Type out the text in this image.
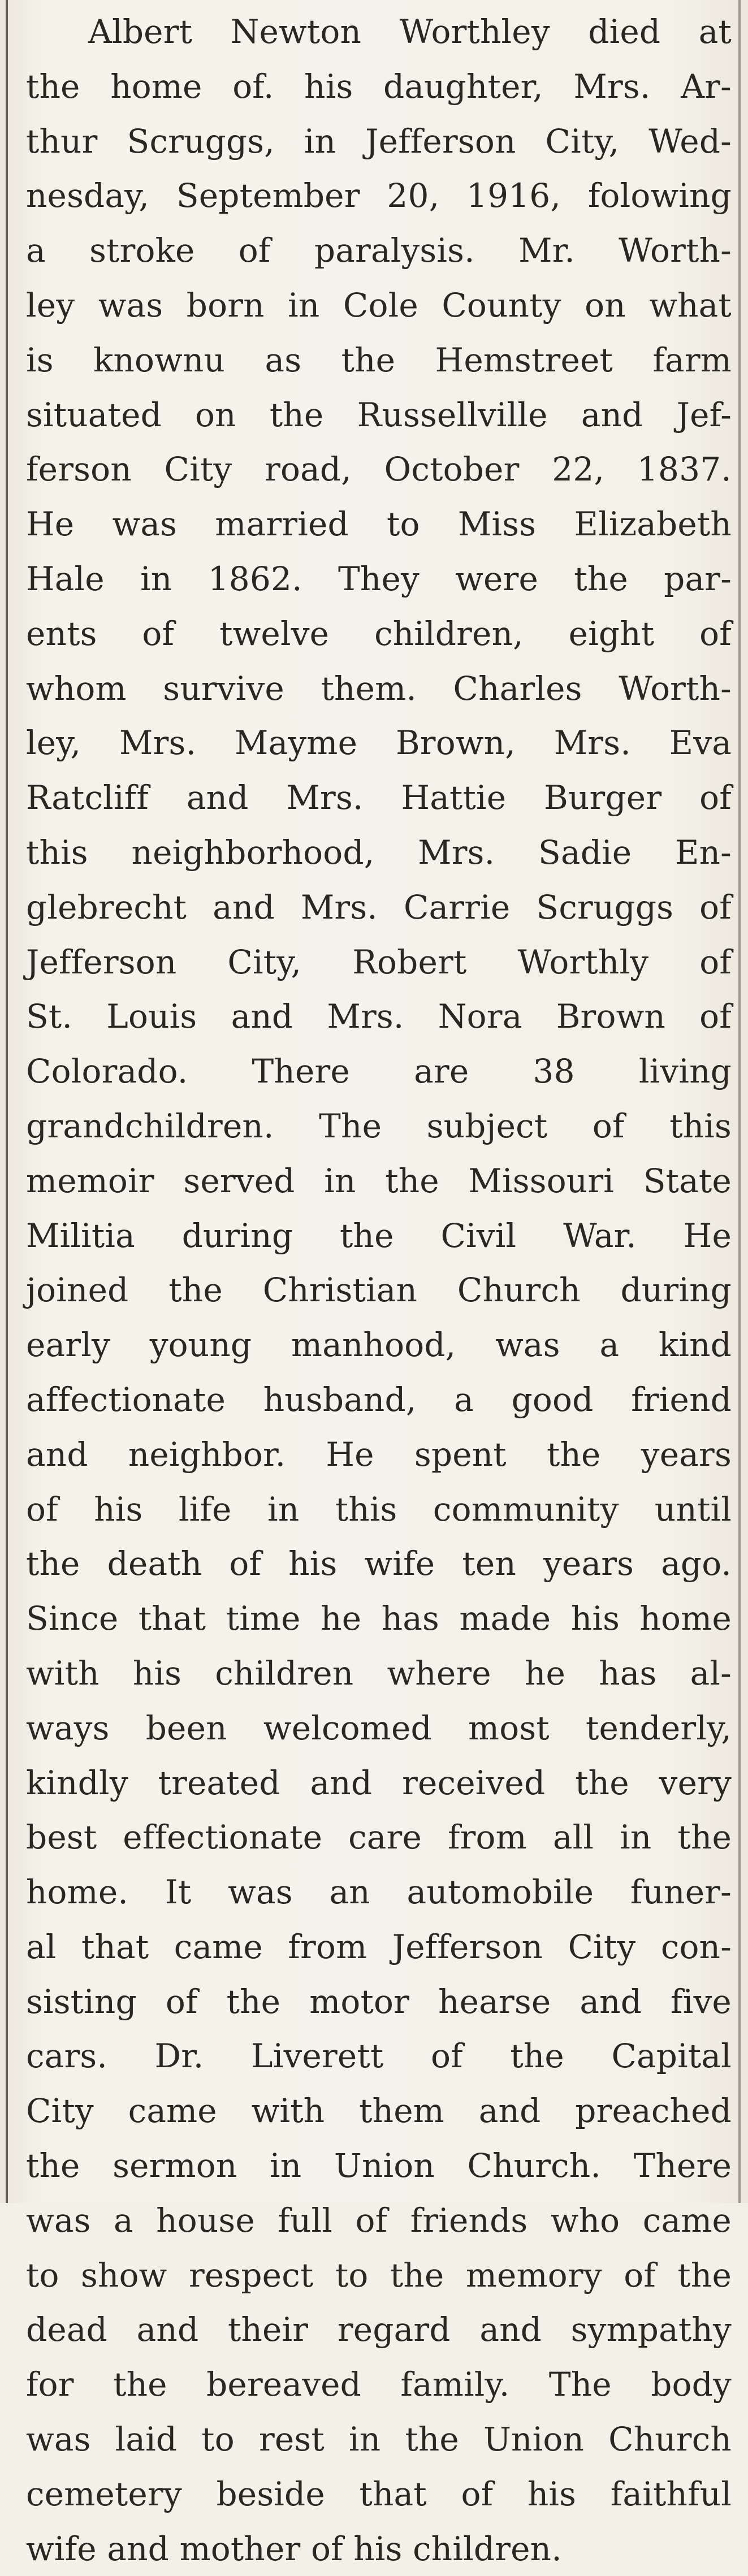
Albert Newton Worthley died at
the home of. his daughter, Mrs. Ar-
thur Scruggs, in Jefferson City, Wed-
nesday, September 20, 1916, folowing
a stroke of paralysis. Mr. Worth-
ley was born in Cole County on what
is knownu as the Hemstreet farm
situated on the Russellville and Jef-
ferson City road, October 22, 1837.
He was married to Miss Elizabeth
Hale in 1862. They were the par-
ents of twelve children, eight of
whom survive them. Charles Worth-
ley, Mrs. Mayme Brown, Mrs. Eva
Ratcliff and Mrs. Hattie Burger of
this neighborhood, Mrs. Sadie En-
glebrecht and Mrs. Carrie Scruggs of
Jefferson City, Robert Worthly of
St. Louis and Mrs. Nora Brown of
Colorado. There are 38 living
grandchildren. The subject of this
memoir served in the Missouri State
Militia during the Civil War. He
joined the Christian Church during
early young manhood, was a kind
affectionate husband, a good friend
and neighbor. He spent the years
of his life in this community until
the death of his wife ten years ago.
Since that time he has made his home
with his children where he has al-
ways been welcomed most tenderly,
kindly treated and received the very
best effectionate care from all in the
home. It was an automobile funer-
al that came from Jefferson City con-
sisting of the motor hearse and five
cars. Dr. Liverett of the Capital
City came with them and preached
the sermon in Union Church. There
was a house full of friends who came
to show respect to the memory of the
dead and their regard and sympathy
for the bereaved family. The body
was laid to rest in the Union Church
cemetery beside that of his faithful
wife and mother of his children.
